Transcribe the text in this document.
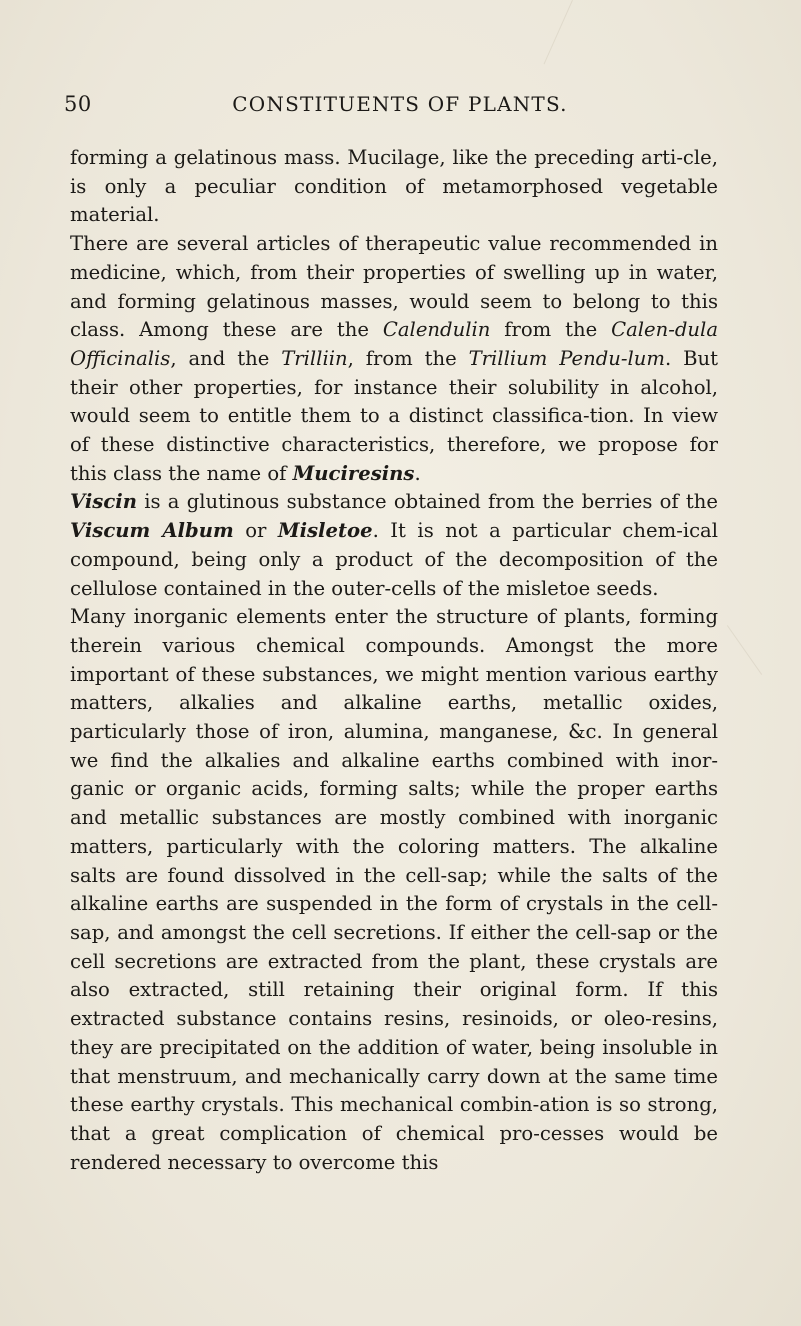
50	CONSTITUENTS OF PLANTS.

forming a gelatinous mass. Mucilage, like the preceding arti-cle, is only a peculiar condition of metamorphosed vegetable material.

There are several articles of therapeutic value recommended in medicine, which, from their properties of swelling up in water, and forming gelatinous masses, would seem to belong to this class. Among these are the Calendulin from the Calen-dula Officinalis, and the Trilliin, from the Trillium Pendu-lum. But their other properties, for instance their solubility in alcohol, would seem to entitle them to a distinct classifica-tion. In view of these distinctive characteristics, therefore, we propose for this class the name of Muciresins.

Viscin is a glutinous substance obtained from the berries of the Viscum Album or Misletoe. It is not a particular chem-ical compound, being only a product of the decomposition of the cellulose contained in the outer-cells of the misletoe seeds.

Many inorganic elements enter the structure of plants, forming therein various chemical compounds. Amongst the more important of these substances, we might mention various earthy matters, alkalies and alkaline earths, metallic oxides, particularly those of iron, alumina, manganese, &c. In general we find the alkalies and alkaline earths combined with inor-ganic or organic acids, forming salts; while the proper earths and metallic substances are mostly combined with inorganic matters, particularly with the coloring matters. The alkaline salts are found dissolved in the cell-sap; while the salts of the alkaline earths are suspended in the form of crystals in the cell-sap, and amongst the cell secretions. If either the cell-sap or the cell secretions are extracted from the plant, these crystals are also extracted, still retaining their original form. If this extracted substance contains resins, resinoids, or oleo-resins, they are precipitated on the addition of water, being insoluble in that menstruum, and mechanically carry down at the same time these earthy crystals. This mechanical combin-ation is so strong, that a great complication of chemical pro-cesses would be rendered necessary to overcome this
